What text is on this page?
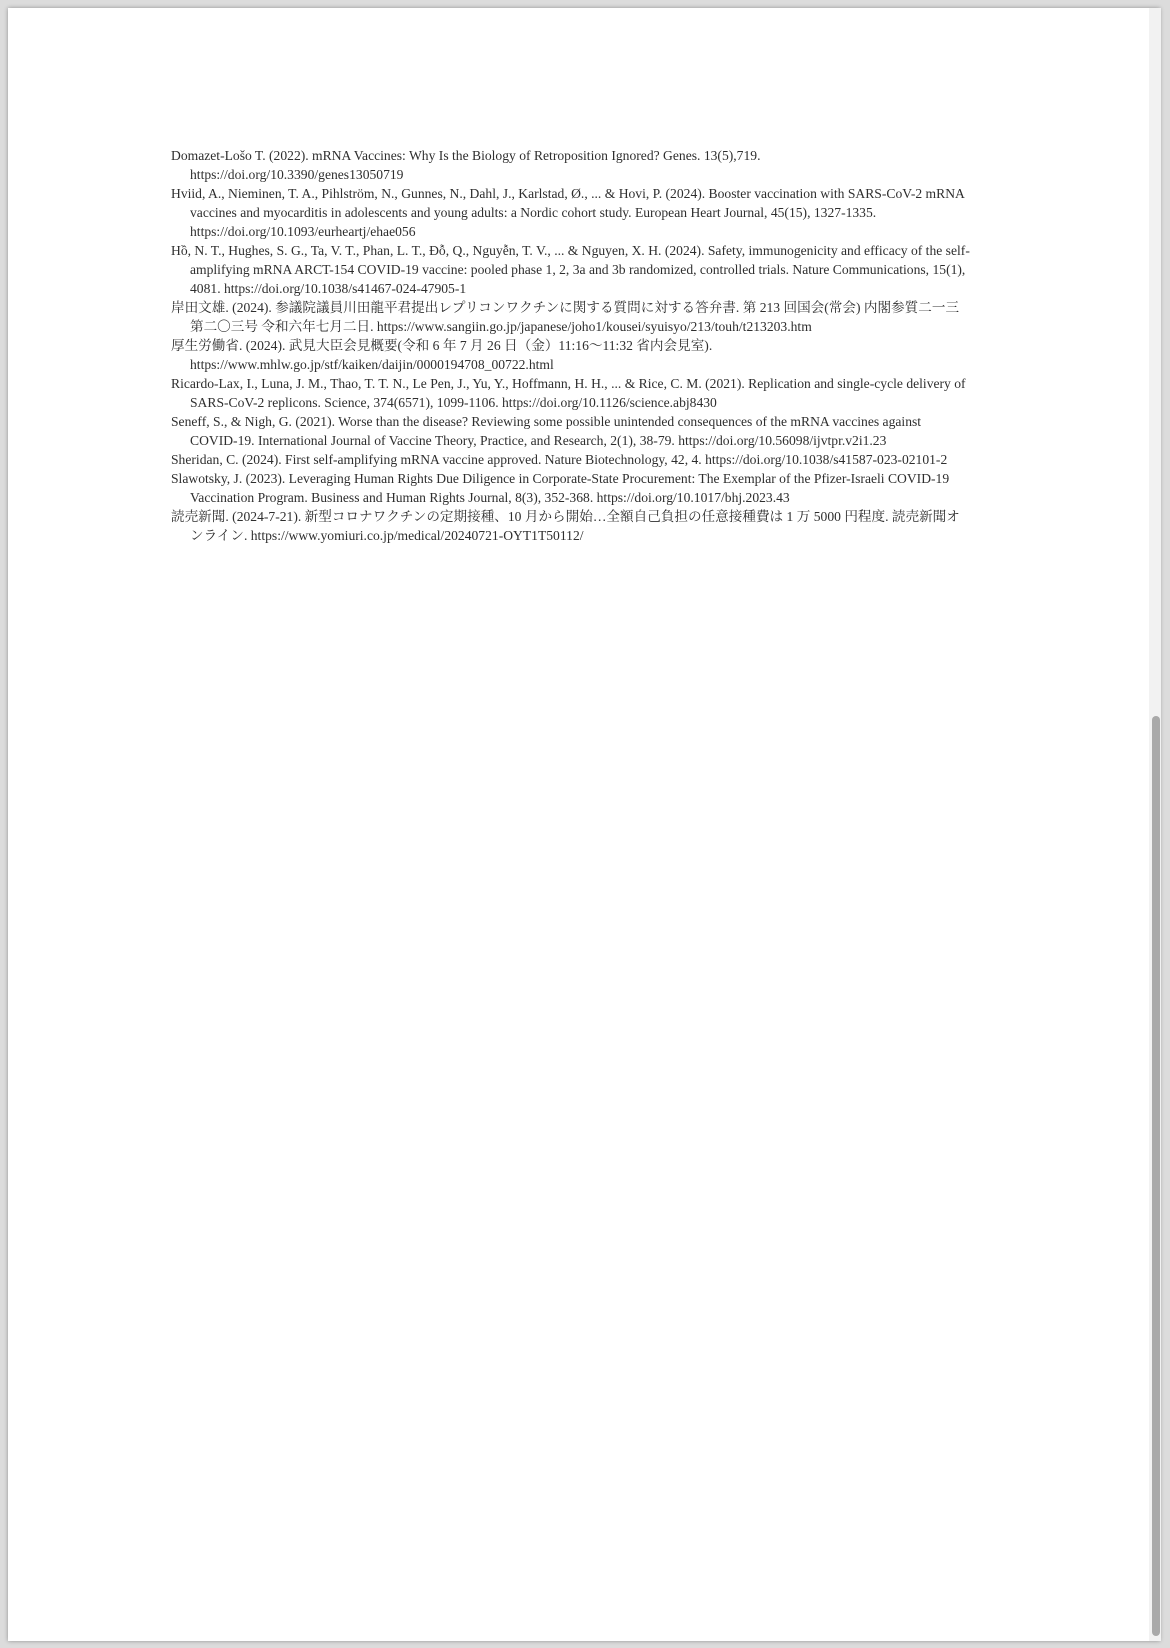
Domazet-Lošo T. (2022). mRNA Vaccines: Why Is the Biology of Retroposition Ignored? Genes. 13(5),719. https://doi.org/10.3390/genes13050719
Hviid, A., Nieminen, T. A., Pihlström, N., Gunnes, N., Dahl, J., Karlstad, Ø., ... & Hovi, P. (2024). Booster vaccination with SARS-CoV-2 mRNA vaccines and myocarditis in adolescents and young adults: a Nordic cohort study. European Heart Journal, 45(15), 1327-1335. https://doi.org/10.1093/eurheartj/ehae056
Hồ, N. T., Hughes, S. G., Ta, V. T., Phan, L. T., Đỗ, Q., Nguyễn, T. V., ... & Nguyen, X. H. (2024). Safety, immunogenicity and efficacy of the self-amplifying mRNA ARCT-154 COVID-19 vaccine: pooled phase 1, 2, 3a and 3b randomized, controlled trials. Nature Communications, 15(1), 4081. https://doi.org/10.1038/s41467-024-47905-1
岸田文雄. (2024). 参議院議員川田龍平君提出レプリコンワクチンに関する質問に対する答弁書. 第 213 回国会(常会) 内閣参質二一三第二〇三号 令和六年七月二日. https://www.sangiin.go.jp/japanese/joho1/kousei/syuisyo/213/touh/t213203.htm
厚生労働省. (2024). 武見大臣会見概要(令和 6 年 7 月 26 日（金）11:16～11:32 省内会見室). https://www.mhlw.go.jp/stf/kaiken/daijin/0000194708_00722.html
Ricardo-Lax, I., Luna, J. M., Thao, T. T. N., Le Pen, J., Yu, Y., Hoffmann, H. H., ... & Rice, C. M. (2021). Replication and single-cycle delivery of SARS-CoV-2 replicons. Science, 374(6571), 1099-1106. https://doi.org/10.1126/science.abj8430
Seneff, S., & Nigh, G. (2021). Worse than the disease? Reviewing some possible unintended consequences of the mRNA vaccines against COVID-19. International Journal of Vaccine Theory, Practice, and Research, 2(1), 38-79. https://doi.org/10.56098/ijvtpr.v2i1.23
Sheridan, C. (2024). First self-amplifying mRNA vaccine approved. Nature Biotechnology, 42, 4. https://doi.org/10.1038/s41587-023-02101-2
Slawotsky, J. (2023). Leveraging Human Rights Due Diligence in Corporate-State Procurement: The Exemplar of the Pfizer-Israeli COVID-19 Vaccination Program. Business and Human Rights Journal, 8(3), 352-368. https://doi.org/10.1017/bhj.2023.43
読売新聞. (2024-7-21). 新型コロナワクチンの定期接種、10 月から開始…全額自己負担の任意接種費は 1 万 5000 円程度. 読売新聞オンライン. https://www.yomiuri.co.jp/medical/20240721-OYT1T50112/
